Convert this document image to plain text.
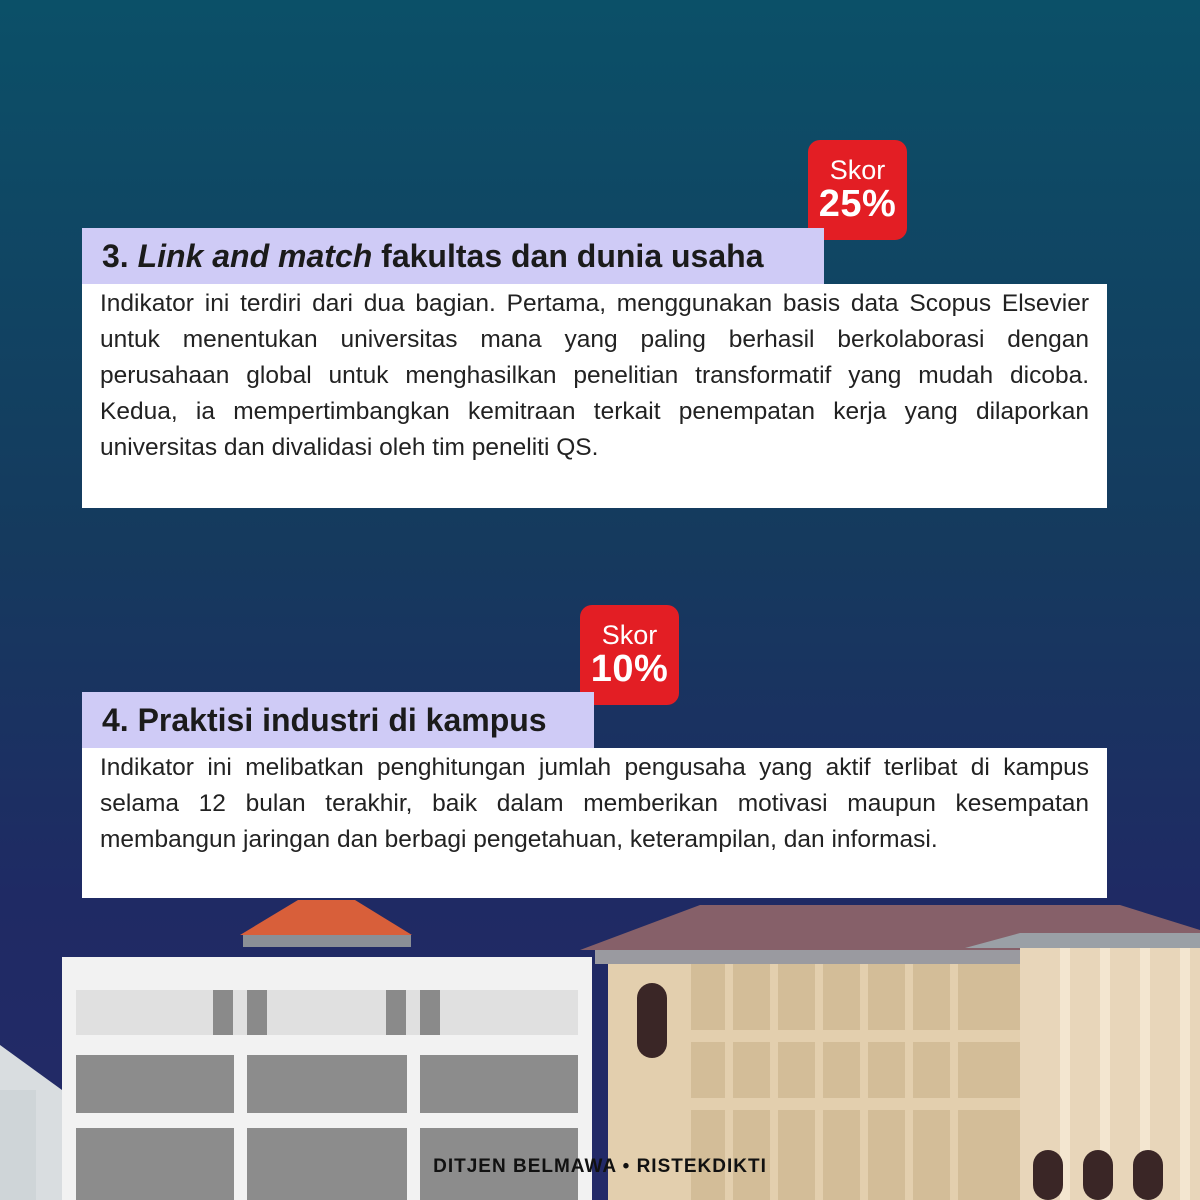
Skor
25%
3. Link and match fakultas dan dunia usaha

Indikator ini terdiri dari dua bagian. Pertama, menggunakan basis data Scopus Elsevier untuk menentukan universitas mana yang paling berhasil berkolaborasi dengan perusahaan global untuk menghasilkan penelitian transformatif yang mudah dicoba. Kedua, ia mempertimbangkan kemitraan terkait penempatan kerja yang dilaporkan universitas dan divalidasi oleh tim peneliti QS.

Skor
10%
4. Praktisi industri di kampus

Indikator ini melibatkan penghitungan jumlah pengusaha yang aktif terlibat di kampus selama 12 bulan terakhir, baik dalam memberikan motivasi maupun kesempatan membangun jaringan dan berbagi pengetahuan, keterampilan, dan informasi.

DITJEN BELMAWA • RISTEKDIKTI
